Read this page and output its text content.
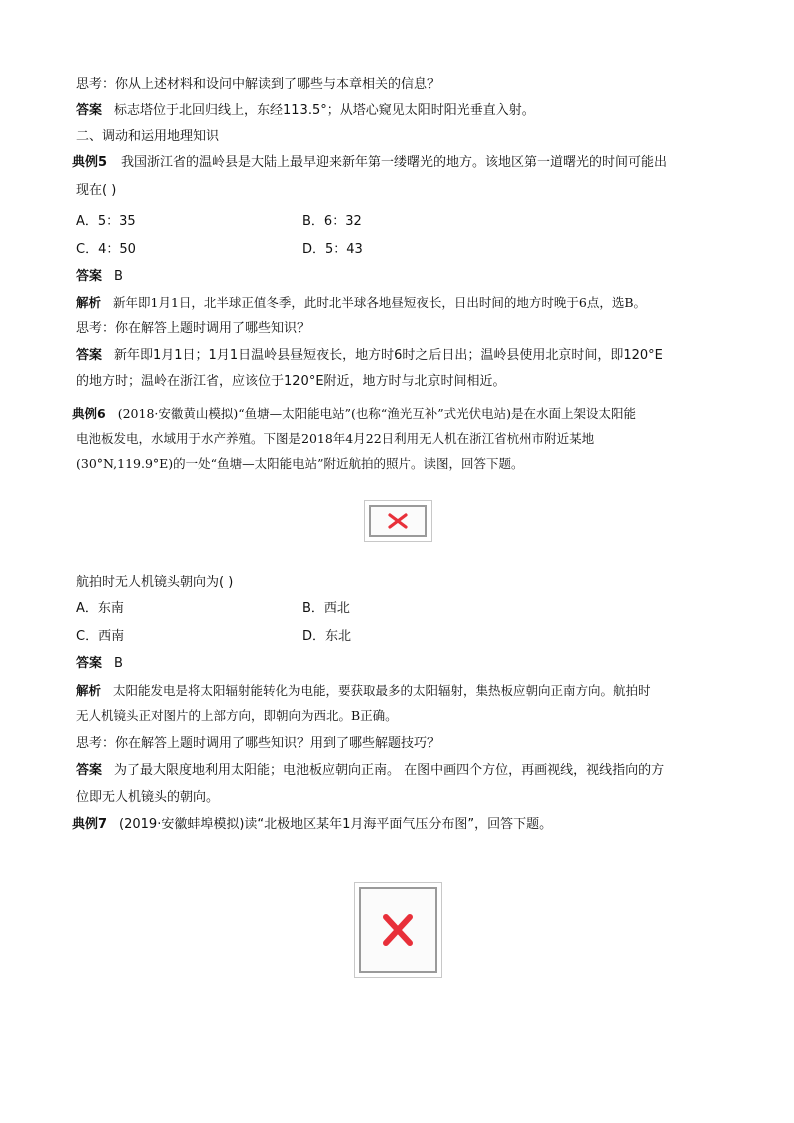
思考：你从上述材料和设问中解读到了哪些与本章相关的信息？
答案 标志塔位于北回归线上，东经113.5°；从塔心窥见太阳时阳光垂直入射。
二、调动和运用地理知识
典例5 我国浙江省的温岭县是大陆上最早迎来新年第一缕曙光的地方。该地区第一道曙光的时间可能出
现在( )
A．5：35	B．6：32
C．4：50	D．5：43
答案 B
解析 新年即1月1日，北半球正值冬季，此时北半球各地昼短夜长，日出时间的地方时晚于6点，选B。
思考：你在解答上题时调用了哪些知识？
答案 新年即1月1日；1月1日温岭县昼短夜长，地方时6时之后日出；温岭县使用北京时间，即120°E
的地方时；温岭在浙江省，应该位于120°E附近，地方时与北京时间相近。
典例6 (2018·安徽黄山模拟)“鱼塘—太阳能电站”(也称“渔光互补”式光伏电站)是在水面上架设太阳能
电池板发电，水域用于水产养殖。下图是2018年4月22日利用无人机在浙江省杭州市附近某地
(30°N,119.9°E)的一处“鱼塘—太阳能电站”附近航拍的照片。读图，回答下题。
航拍时无人机镜头朝向为( )
A．东南	B．西北
C．西南	D．东北
答案 B
解析 太阳能发电是将太阳辐射能转化为电能，要获取最多的太阳辐射，集热板应朝向正南方向。航拍时
无人机镜头正对图片的上部方向，即朝向为西北。B正确。
思考：你在解答上题时调用了哪些知识？用到了哪些解题技巧？
答案 为了最大限度地利用太阳能；电池板应朝向正南。 在图中画四个方位，再画视线，视线指向的方
位即无人机镜头的朝向。
典例7 (2019·安徽蚌埠模拟)读“北极地区某年1月海平面气压分布图”，回答下题。
